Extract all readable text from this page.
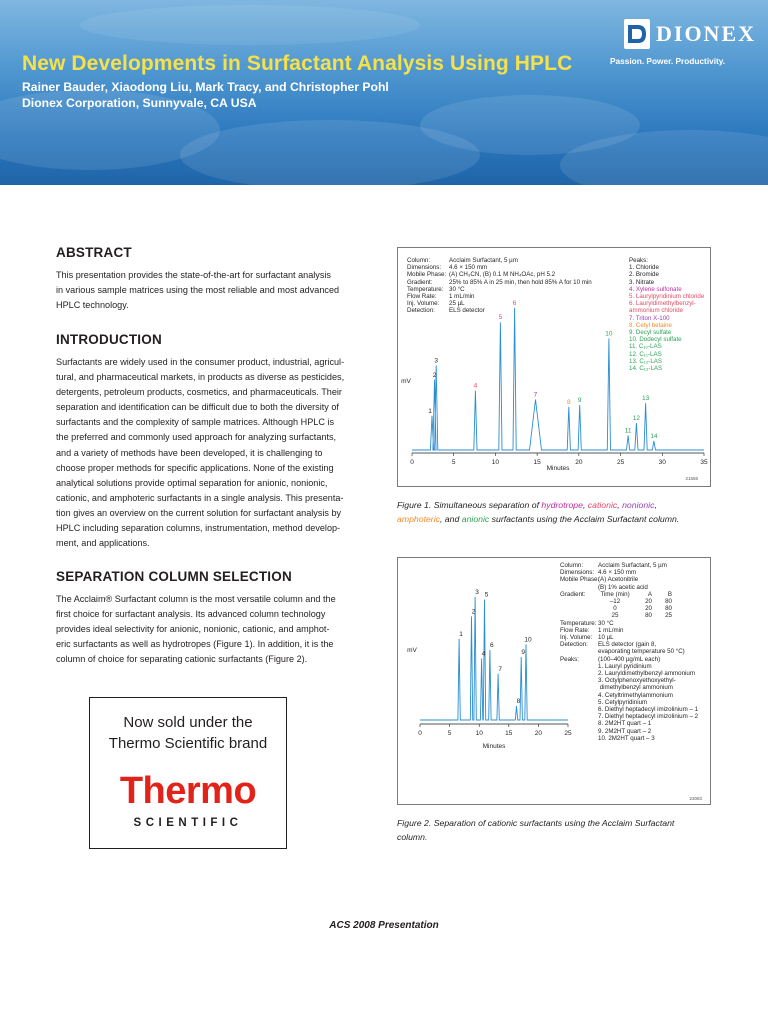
New Developments in Surfactant Analysis Using HPLC
Rainer Bauder, Xiaodong Liu, Mark Tracy, and Christopher Pohl
Dionex Corporation, Sunnyvale, CA USA
DIONEX
Passion. Power. Productivity.
ABSTRACT
This presentation provides the state-of-the-art for surfactant analysis
in various sample matrices using the most reliable and most advanced
HPLC technology.
INTRODUCTION
Surfactants are widely used in the consumer product, industrial, agricul-
tural, and pharmaceutical markets, in products as diverse as pesticides,
detergents, petroleum products, cosmetics, and pharmaceuticals. Their
separation and identification can be difficult due to both the diversity of
surfactants and the complexity of sample matrices. Although HPLC is
the preferred and commonly used approach for analyzing surfactants,
and a variety of methods have been developed, it is challenging to
choose proper methods for specific applications. None of the existing
analytical solutions provide optimal separation for anionic, nonionic,
cationic, and amphoteric surfactants in a single analysis. This presenta-
tion gives an overview on the current solution for surfactant analysis by
HPLC including separation columns, instrumentation, method develop-
ment, and applications.
SEPARATION COLUMN SELECTION
The Acclaim® Surfactant column is the most versatile column and the
first choice for surfactant analysis. Its advanced column technology
provides ideal selectivity for anionic, nonionic, cationic, and amphot-
eric surfactants as well as hydrotropes (Figure 1). In addition, it is the
column of choice for separating cationic surfactants (Figure 2).
Now sold under the
Thermo Scientific brand
Thermo
SCIENTIFIC
0	5	10	15	20	25	30	35
Minutes
mV
21556
1
2
3
4
5
6
7
8 9
10
11
12
13
14
Column:	Acclaim Surfactant, 5 µm
Dimensions: 4.6 × 150 mm
Mobile Phase: (A) CH₃CN, (B) 0.1 M NH₄OAc, pH 5.2
Gradient:	25% to 85% A in 25 min, then hold 85% A for 10 min
Temperature: 30 °C
Flow Rate: 1 mL/min
Inj. Volume: 25 µL
Detection: ELS detector
Peaks:
1. Chloride
2. Bromide
3. Nitrate
4. Xylene sulfonate
5. Laurylpyridinium chloride
6. Lauryldimethylbenzyl-
ammonium chloride
7. Triton X-100
8. Cetyl betaine
9. Decyl sulfate
10. Dodecyl sulfate
11. C₁₀-LAS
12. C₁₁-LAS
13. C₁₂-LAS
14. C₁₃-LAS
Figure 1. Simultaneous separation of hydrotrope, cationic, nonionic,
amphoteric, and anionic surfactants using the Acclaim Surfactant column.
0	5	10	15	20	25
Minutes
mV
23083
1
2
3
4
5
6
7
8
9
10
Column: Acclaim Surfactant, 5 µm
Dimensions: 4.6 × 150 mm
Mobile Phase:(A) Acetonitrile
(B) 1% acetic acid
Gradient:	Time (min)	A	B
–12	20 80
0	20 80
25	80 25
Temperature: 30 °C
Flow Rate: 1 mL/min
Inj. Volume: 10 µL
Detection: ELS detector (gain 8,
evaporating temperature 50 °C)
Peaks:	(100–400 µg/mL each)
1. Lauryl pyridinium
2. Lauryldimethylbenzyl ammonium
3. Octylphenoxyethoxyethyl-
dimethylbenzyl ammonium
4. Cetyltrimethylammonium
5. Cetylpyridinium
6. Diethyl heptadecyl imizolinium – 1
7. Diethyl heptadecyl imizolinium – 2
8. 2M2HT quart – 1
9. 2M2HT quart – 2
10. 2M2HT quart – 3
Figure 2. Separation of cationic surfactants using the Acclaim Surfactant
column.
ACS 2008 Presentation
